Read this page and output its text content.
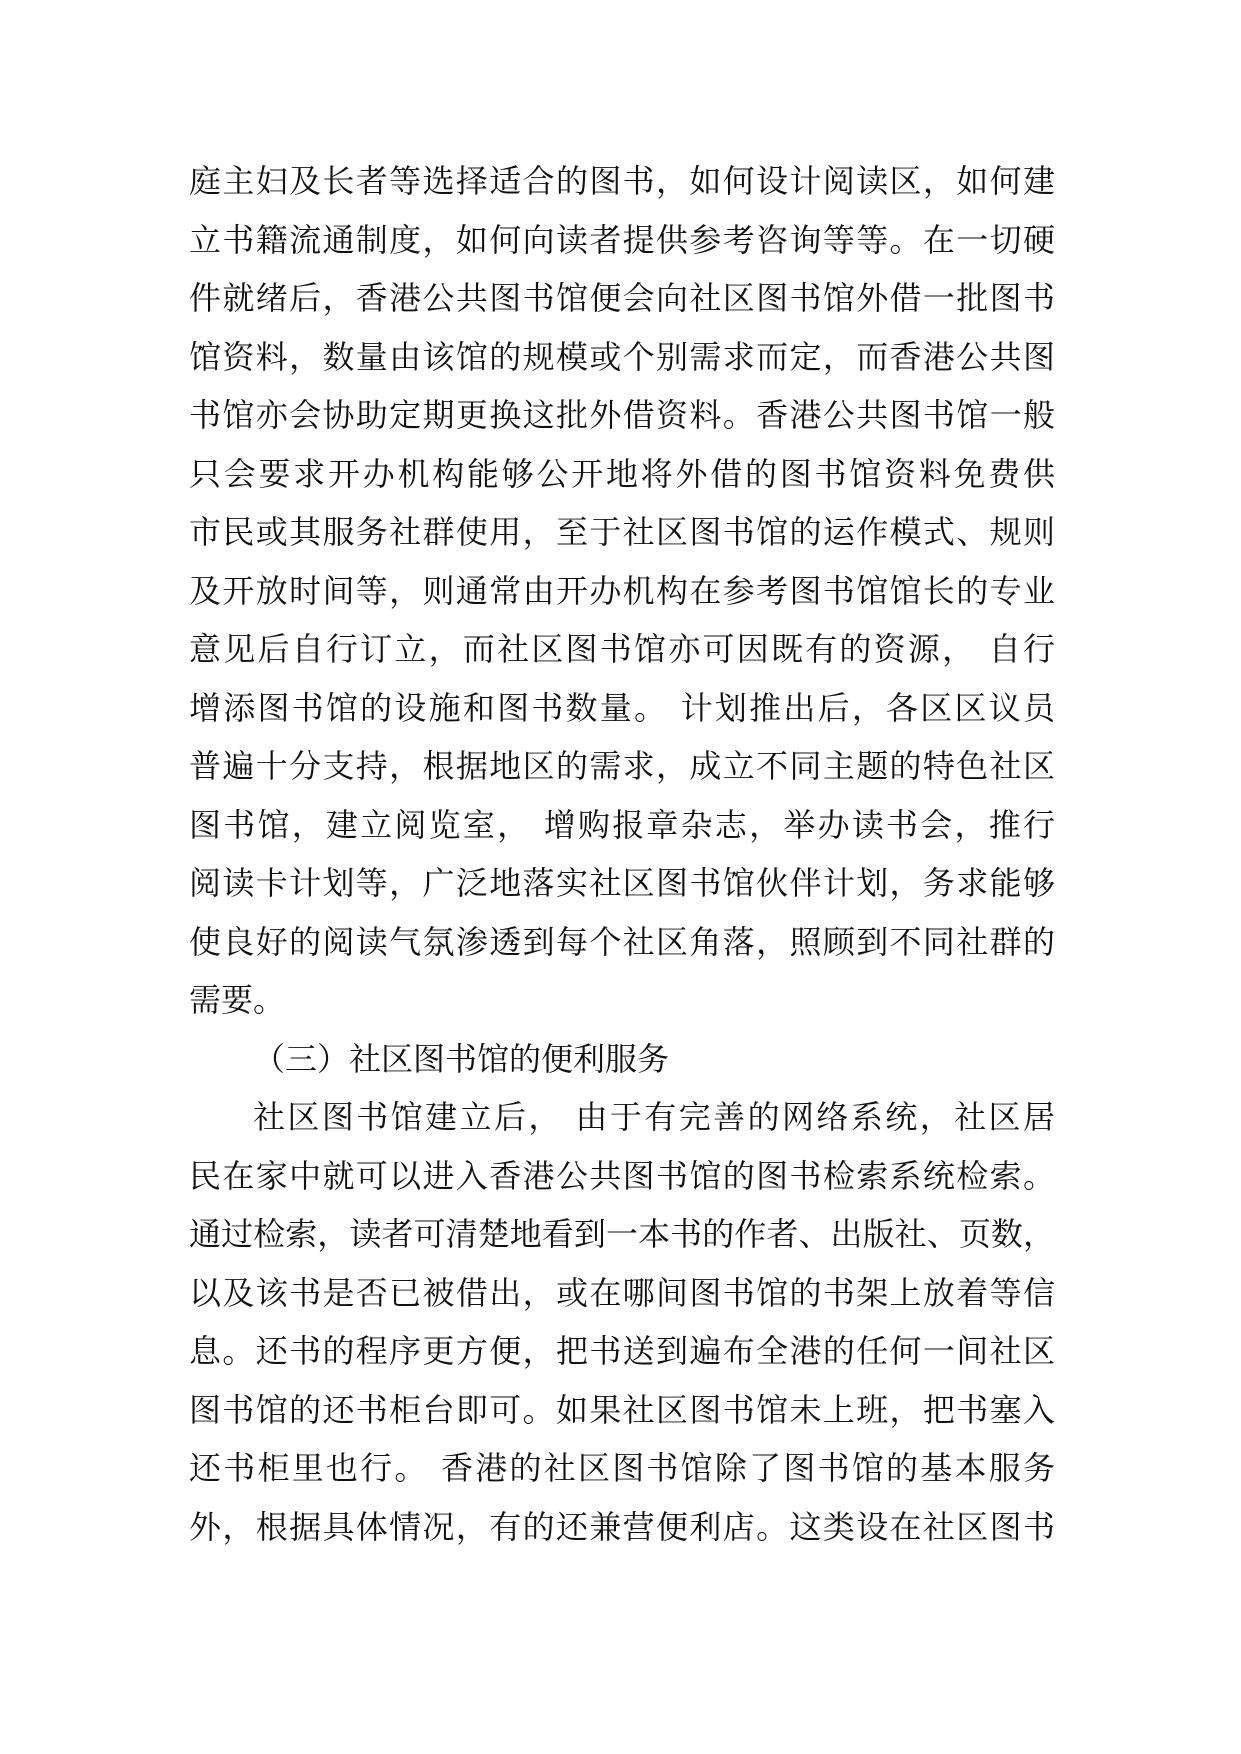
庭主妇及长者等选择适合的图书，如何设计阅读区，如何建
立书籍流通制度，如何向读者提供参考咨询等等。在一切硬
件就绪后，香港公共图书馆便会向社区图书馆外借一批图书
馆资料，数量由该馆的规模或个别需求而定，而香港公共图
书馆亦会协助定期更换这批外借资料。香港公共图书馆一般
只会要求开办机构能够公开地将外借的图书馆资料免费供
市民或其服务社群使用，至于社区图书馆的运作模式、规则
及开放时间等，则通常由开办机构在参考图书馆馆长的专业
意见后自行订立，而社区图书馆亦可因既有的资源， 自行
增添图书馆的设施和图书数量。 计划推出后，各区区议员
普遍十分支持，根据地区的需求，成立不同主题的特色社区
图书馆，建立阅览室， 增购报章杂志，举办读书会，推行
阅读卡计划等，广泛地落实社区图书馆伙伴计划，务求能够
使良好的阅读气氛渗透到每个社区角落，照顾到不同社群的
需要。
（三）社区图书馆的便利服务
社区图书馆建立后， 由于有完善的网络系统，社区居
民在家中就可以进入香港公共图书馆的图书检索系统检索。
通过检索，读者可清楚地看到一本书的作者、出版社、页数，
以及该书是否已被借出，或在哪间图书馆的书架上放着等信
息。还书的程序更方便，把书送到遍布全港的任何一间社区
图书馆的还书柜台即可。如果社区图书馆未上班，把书塞入
还书柜里也行。 香港的社区图书馆除了图书馆的基本服务
外，根据具体情况，有的还兼营便利店。这类设在社区图书
